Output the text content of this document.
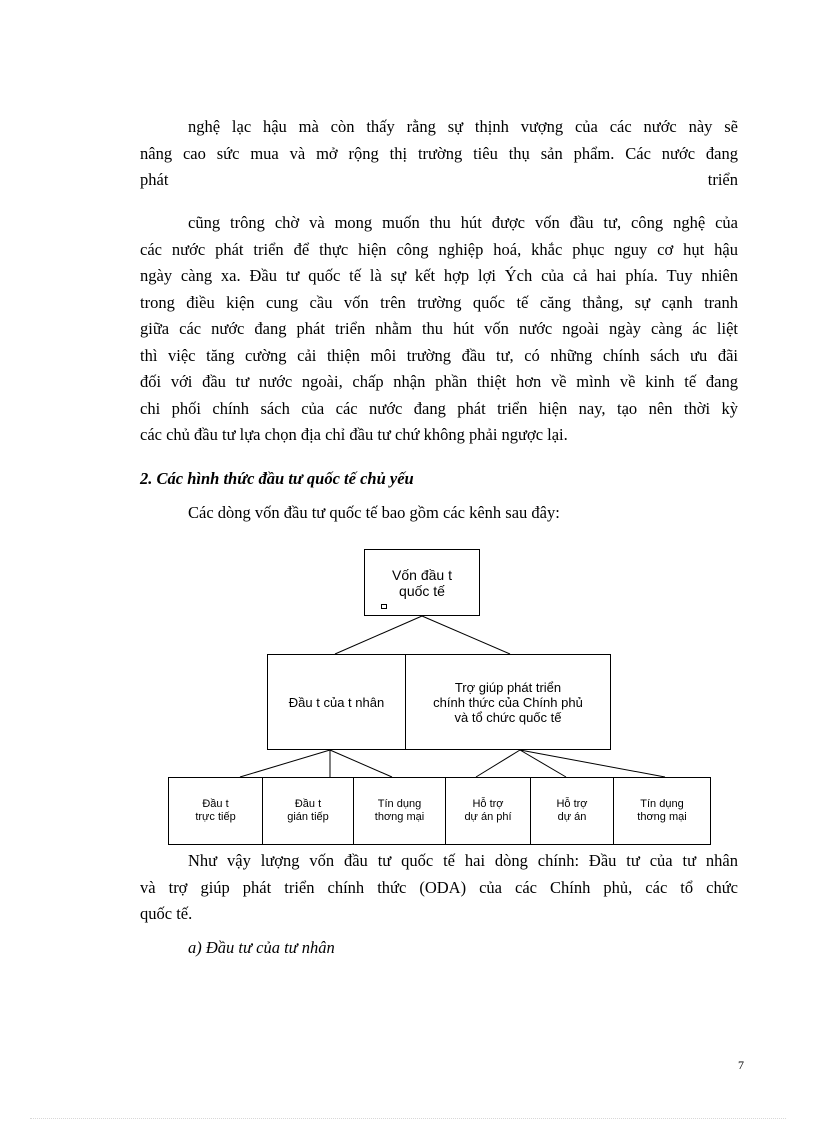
nghệ lạc hậu mà còn thấy rằng sự thịnh vượng của các nước này sẽ
nâng cao sức mua và mở rộng thị trường tiêu thụ sản phẩm. Các nước đang
phát	triển
cũng trông chờ và mong muốn thu hút được vốn đầu tư, công nghệ của
các nước phát triển để thực hiện công nghiệp hoá, khắc phục nguy cơ hụt hậu
ngày càng xa. Đầu tư quốc tế là sự kết hợp lợi Ých của cả hai phía. Tuy nhiên
trong điều kiện cung cầu vốn trên trường quốc tế căng thẳng, sự cạnh tranh
giữa các nước đang phát triển nhằm thu hút vốn nước ngoài ngày càng ác liệt
thì việc tăng cường cải thiện môi trường đầu tư, có những chính sách ưu đãi
đối với đầu tư nước ngoài, chấp nhận phần thiệt hơn về mình về kinh tế đang
chi phối chính sách của các nước đang phát triển hiện nay, tạo nên thời kỳ
các chủ đầu tư lựa chọn địa chỉ đầu tư chứ không phải ngược lại.

2. Các hình thức đầu tư quốc tế chủ yếu

Các dòng vốn đầu tư quốc tế bao gồm các kênh sau đây:

Vốn đầu t
quốc tế
Đầu t của t nhân
Trợ giúp phát triển
chính thức của Chính phủ
và tổ chức quốc tế
Đầu t
trực tiếp
Đầu t
gián tiếp
Tín dụng
thơng mại
Hỗ trợ
dự án phí
Hỗ trợ
dự án
Tín dụng
thơng mại
Như vậy lượng vốn đầu tư quốc tế hai dòng chính: Đầu tư của tư nhân
và trợ giúp phát triển chính thức (ODA) của các Chính phủ, các tổ chức
quốc tế.

a) Đầu tư của tư nhân

7
